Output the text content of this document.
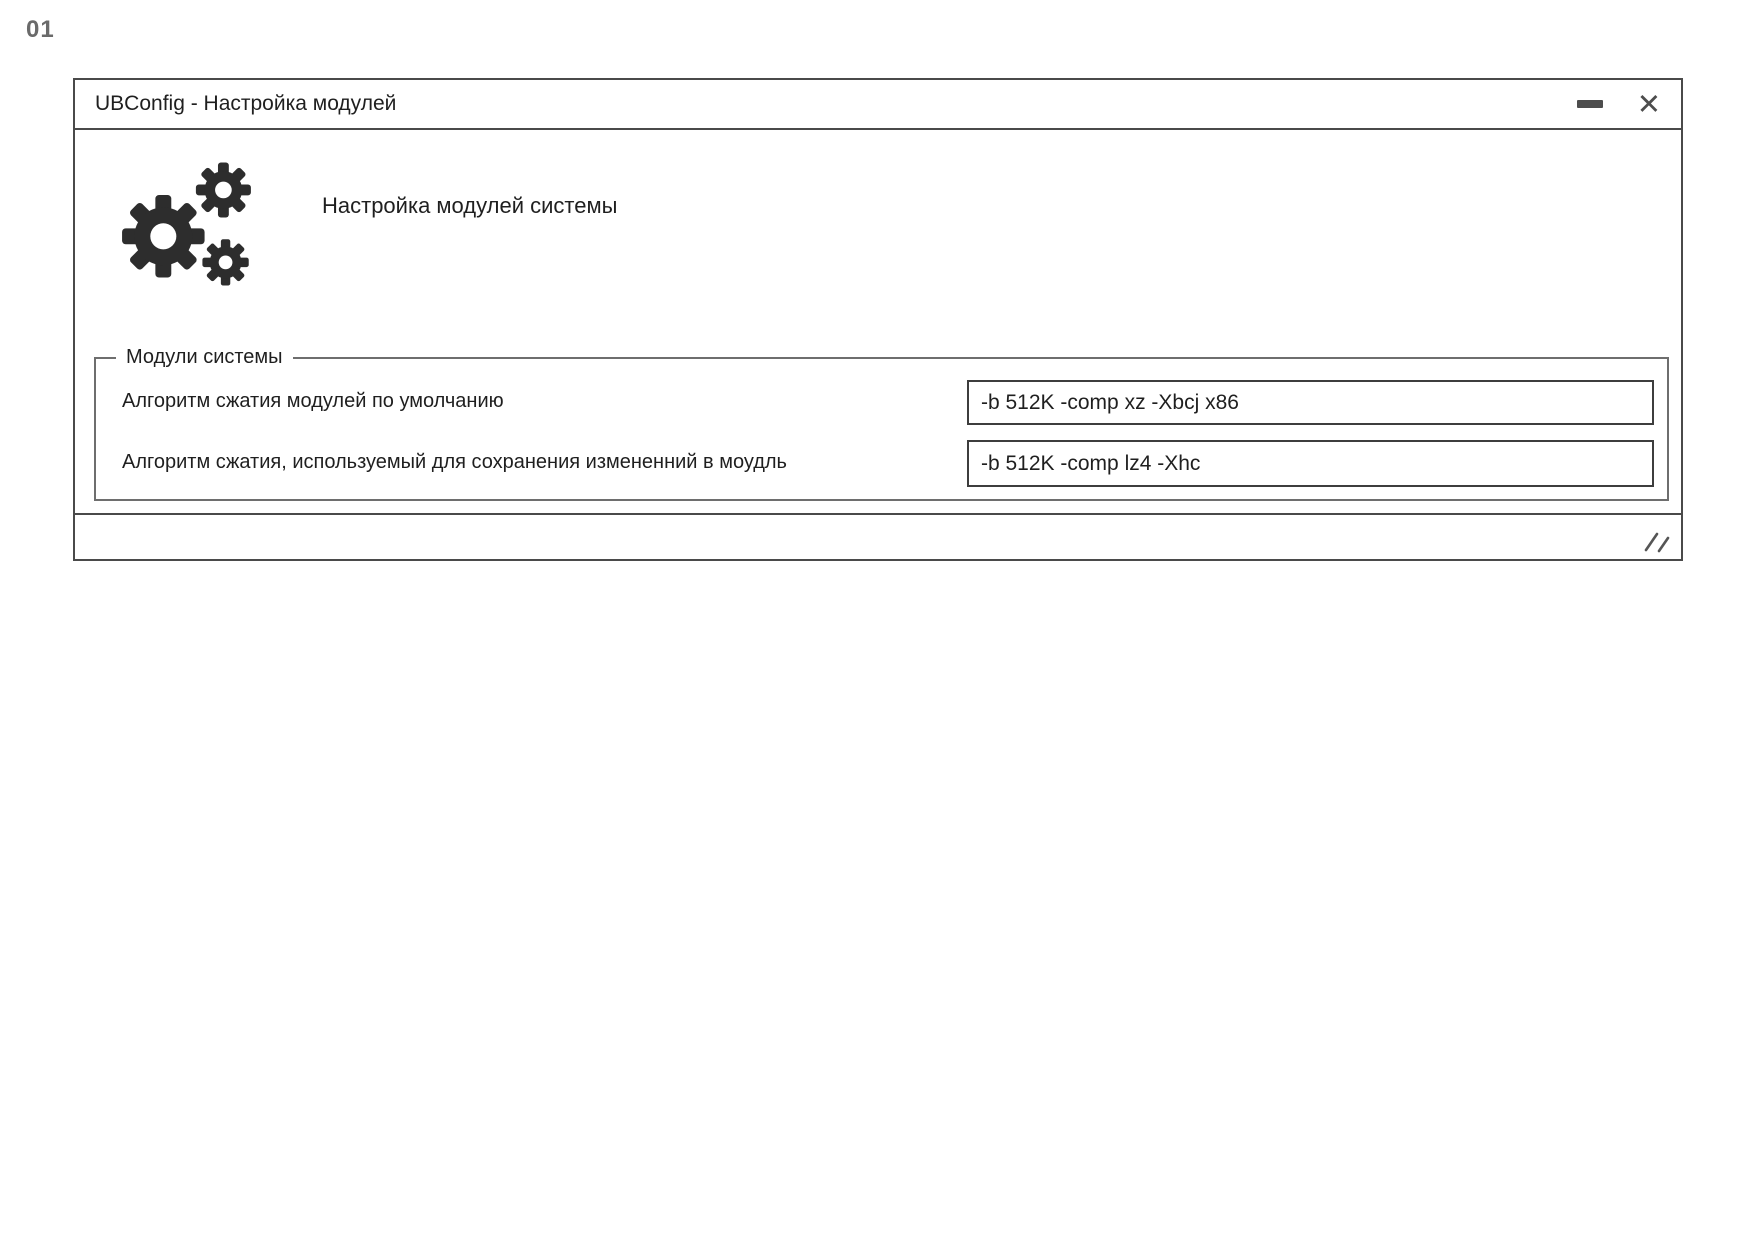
01
UBConfig - Настройка модулей	✕
Настройка модулей системы
Модули системы
Алгоритм сжатия модулей по умолчанию
-b 512K -comp xz -Xbcj x86
Алгоритм сжатия, используемый для сохранения измененний в моудль
-b 512K -comp lz4 -Xhc
